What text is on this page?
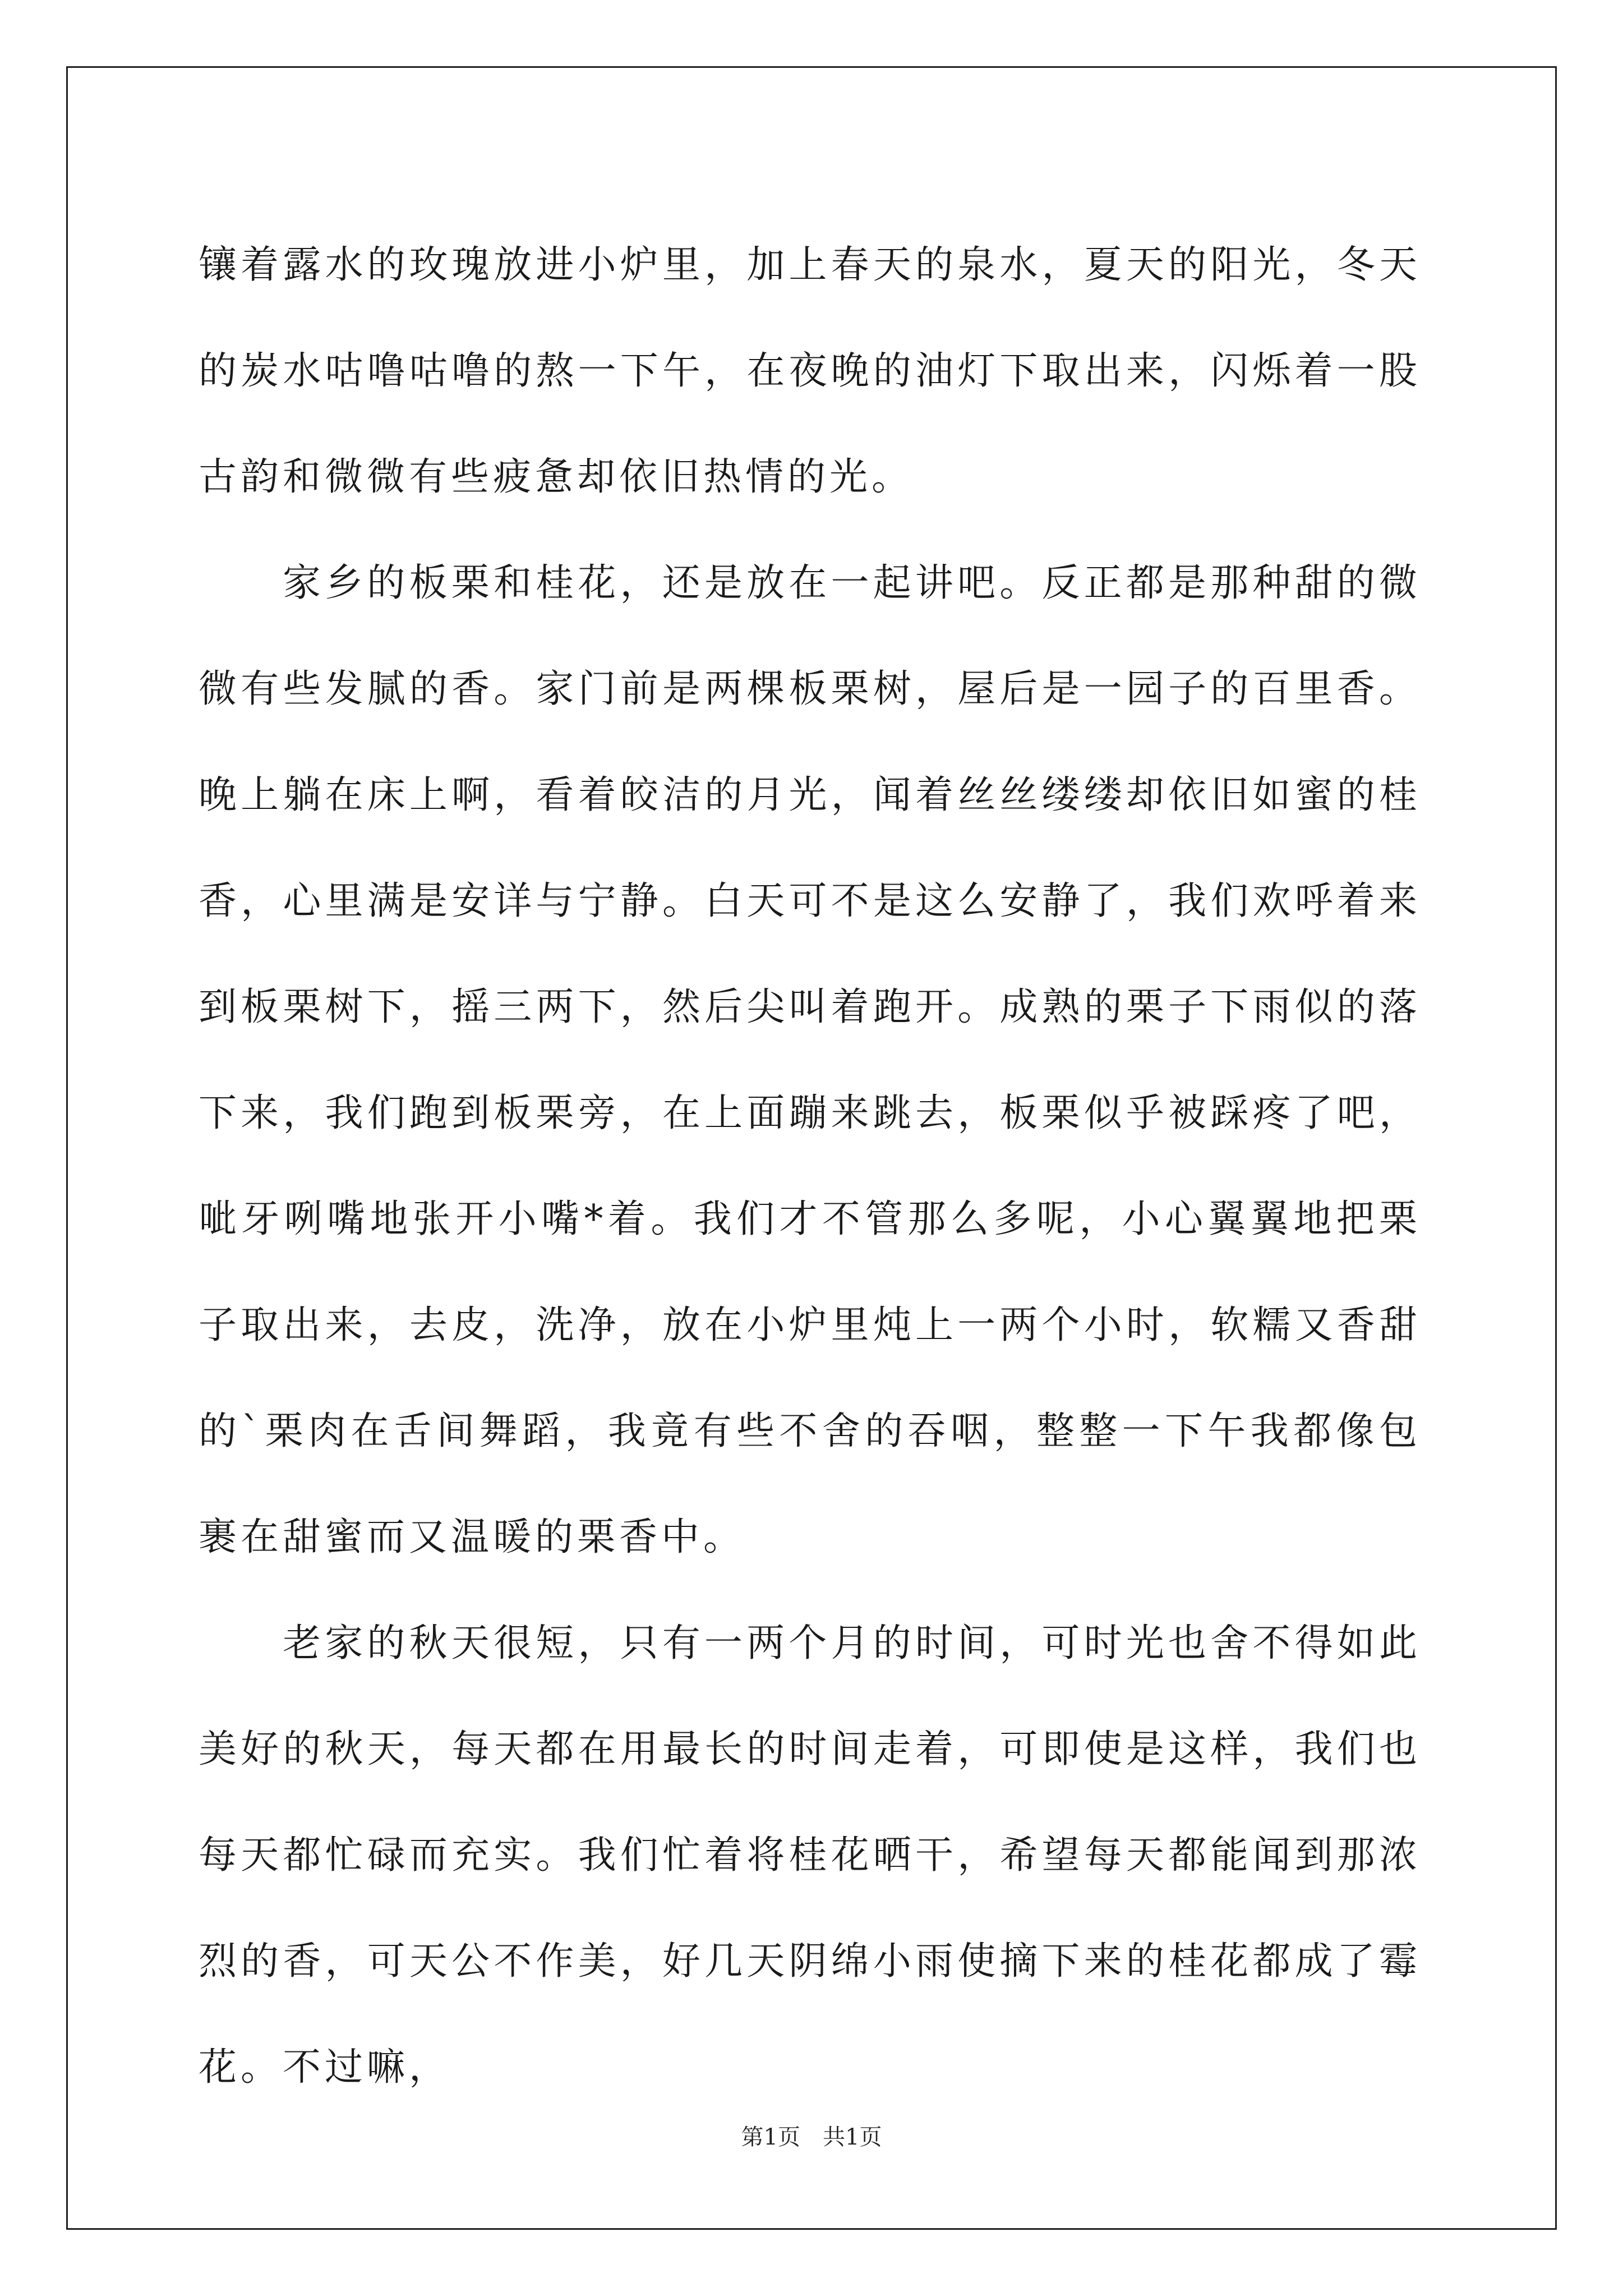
镶着露水的玫瑰放进小炉里，加上春天的泉水，夏天的阳光，冬天的炭水咕噜咕噜的熬一下午，在夜晚的油灯下取出来，闪烁着一股古韵和微微有些疲惫却依旧热情的光。

家乡的板栗和桂花，还是放在一起讲吧。反正都是那种甜的微微有些发腻的香。家门前是两棵板栗树，屋后是一园子的百里香。晚上躺在床上啊，看着皎洁的月光，闻着丝丝缕缕却依旧如蜜的桂香，心里满是安详与宁静。白天可不是这么安静了，我们欢呼着来到板栗树下，摇三两下，然后尖叫着跑开。成熟的栗子下雨似的落下来，我们跑到板栗旁，在上面蹦来跳去，板栗似乎被踩疼了吧，呲牙咧嘴地张开小嘴*着。我们才不管那么多呢，小心翼翼地把栗子取出来，去皮，洗净，放在小炉里炖上一两个小时，软糯又香甜的`栗肉在舌间舞蹈，我竟有些不舍的吞咽，整整一下午我都像包裹在甜蜜而又温暖的栗香中。

老家的秋天很短，只有一两个月的时间，可时光也舍不得如此美好的秋天，每天都在用最长的时间走着，可即使是这样，我们也每天都忙碌而充实。我们忙着将桂花晒干，希望每天都能闻到那浓烈的香，可天公不作美，好几天阴绵小雨使摘下来的桂花都成了霉花。不过嘛，

第1页　共1页
